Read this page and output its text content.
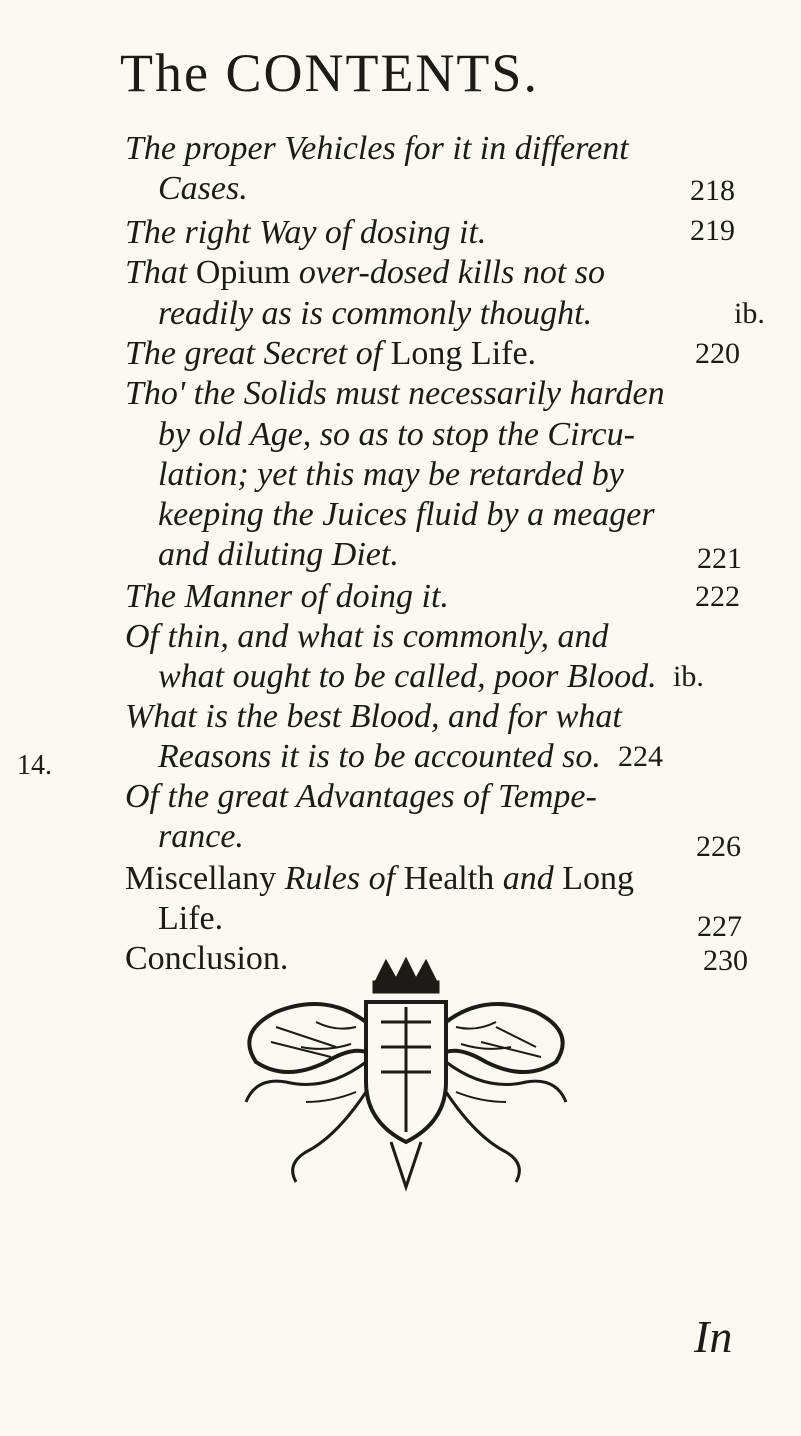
The CONTENTS.
The proper Vehicles for it in different
Cases.	218
The right Way of dosing it.	219
That Opium over-dosed kills not so
readily as is commonly thought.	ib.
14.
The great Secret of Long Life.	220
Tho' the Solids must necessarily harden
by old Age, so as to stop the Circu-
lation; yet this may be retarded by
keeping the Juices fluid by a meager
and diluting Diet.	221
The Manner of doing it.	222
Of thin, and what is commonly, and
what ought to be called, poor Blood. ib.
What is the best Blood, and for what
Reasons it is to be accounted so. 224
Of the great Advantages of Tempe-
rance.	226
Miscellany Rules of Health and Long
Life.	227
Conclusion.	230
In
